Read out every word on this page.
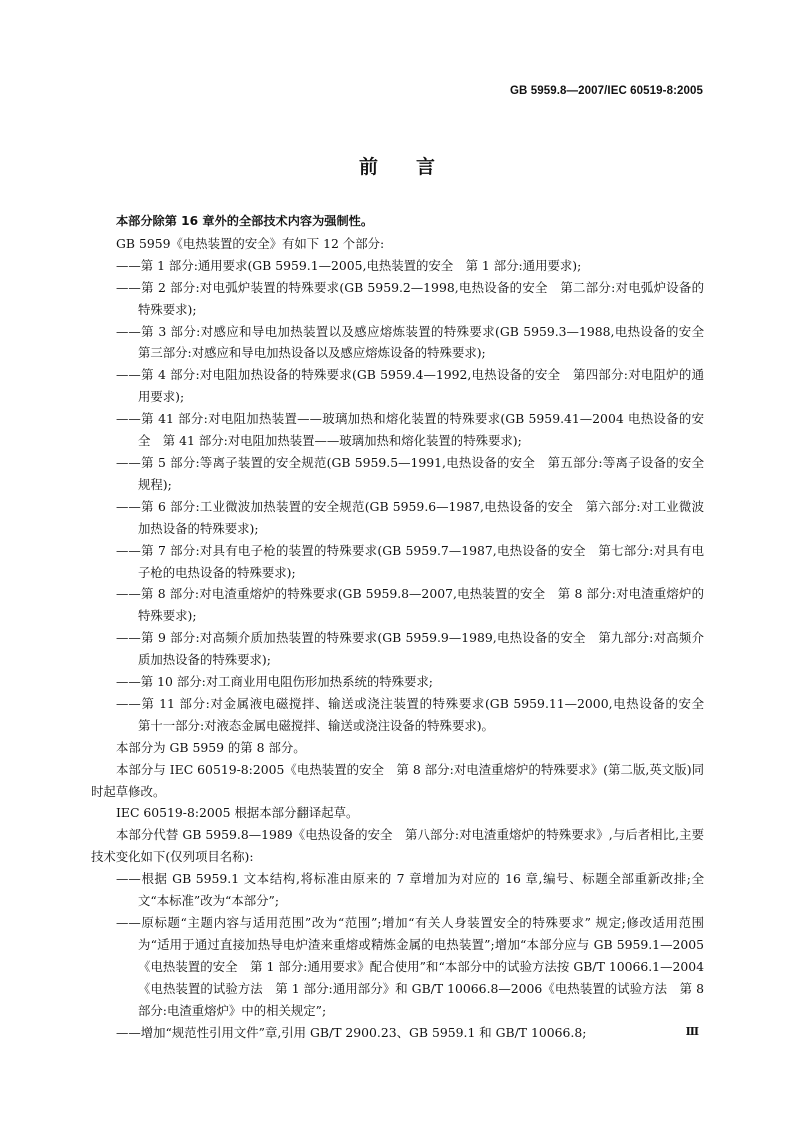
GB 5959.8—2007/IEC 60519-8:2005
前言

本部分除第 16 章外的全部技术内容为强制性。

GB 5959《电热装置的安全》有如下 12 个部分:

——第 1 部分:通用要求(GB 5959.1—2005,电热装置的安全　第 1 部分:通用要求);

——第 2 部分:对电弧炉装置的特殊要求(GB 5959.2—1998,电热设备的安全　第二部分:对电弧炉设备的特殊要求);

——第 3 部分:对感应和导电加热装置以及感应熔炼装置的特殊要求(GB 5959.3—1988,电热设备的安全　第三部分:对感应和导电加热设备以及感应熔炼设备的特殊要求);

——第 4 部分:对电阻加热设备的特殊要求(GB 5959.4—1992,电热设备的安全　第四部分:对电阻炉的通用要求);

——第 41 部分:对电阻加热装置——玻璃加热和熔化装置的特殊要求(GB 5959.41—2004 电热设备的安全　第 41 部分:对电阻加热装置——玻璃加热和熔化装置的特殊要求);

——第 5 部分:等离子装置的安全规范(GB 5959.5—1991,电热设备的安全　第五部分:等离子设备的安全规程);

——第 6 部分:工业微波加热装置的安全规范(GB 5959.6—1987,电热设备的安全　第六部分:对工业微波加热设备的特殊要求);

——第 7 部分:对具有电子枪的装置的特殊要求(GB 5959.7—1987,电热设备的安全　第七部分:对具有电子枪的电热设备的特殊要求);

——第 8 部分:对电渣重熔炉的特殊要求(GB 5959.8—2007,电热装置的安全　第 8 部分:对电渣重熔炉的特殊要求);

——第 9 部分:对高频介质加热装置的特殊要求(GB 5959.9—1989,电热设备的安全　第九部分:对高频介质加热设备的特殊要求);

——第 10 部分:对工商业用电阻伤形加热系统的特殊要求;

——第 11 部分:对金属液电磁搅拌、输送或浇注装置的特殊要求(GB 5959.11—2000,电热设备的安全　第十一部分:对液态金属电磁搅拌、输送或浇注设备的特殊要求)。

本部分为 GB 5959 的第 8 部分。

本部分与 IEC 60519-8:2005《电热装置的安全　第 8 部分:对电渣重熔炉的特殊要求》(第二版,英文版)同时起草修改。

IEC 60519-8:2005 根据本部分翻译起草。

本部分代替 GB 5959.8—1989《电热设备的安全　第八部分:对电渣重熔炉的特殊要求》,与后者相比,主要技术变化如下(仅列项目名称):

——根据 GB 5959.1 文本结构,将标准由原来的 7 章增加为对应的 16 章,编号、标题全部重新改排;全文“本标准”改为“本部分”;

——原标题“主题内容与适用范围”改为“范围”;增加“有关人身装置安全的特殊要求” 规定;修改适用范围为“适用于通过直接加热导电炉渣来重熔或精炼金属的电热装置”;增加“本部分应与 GB 5959.1—2005《电热装置的安全　第 1 部分:通用要求》配合使用”和“本部分中的试验方法按 GB/T 10066.1—2004《电热装置的试验方法　第 1 部分:通用部分》和 GB/T 10066.8—2006《电热装置的试验方法　第 8 部分:电渣重熔炉》中的相关规定”;

——增加“规范性引用文件”章,引用 GB/T 2900.23、GB 5959.1 和 GB/T 10066.8;	Ⅲ
